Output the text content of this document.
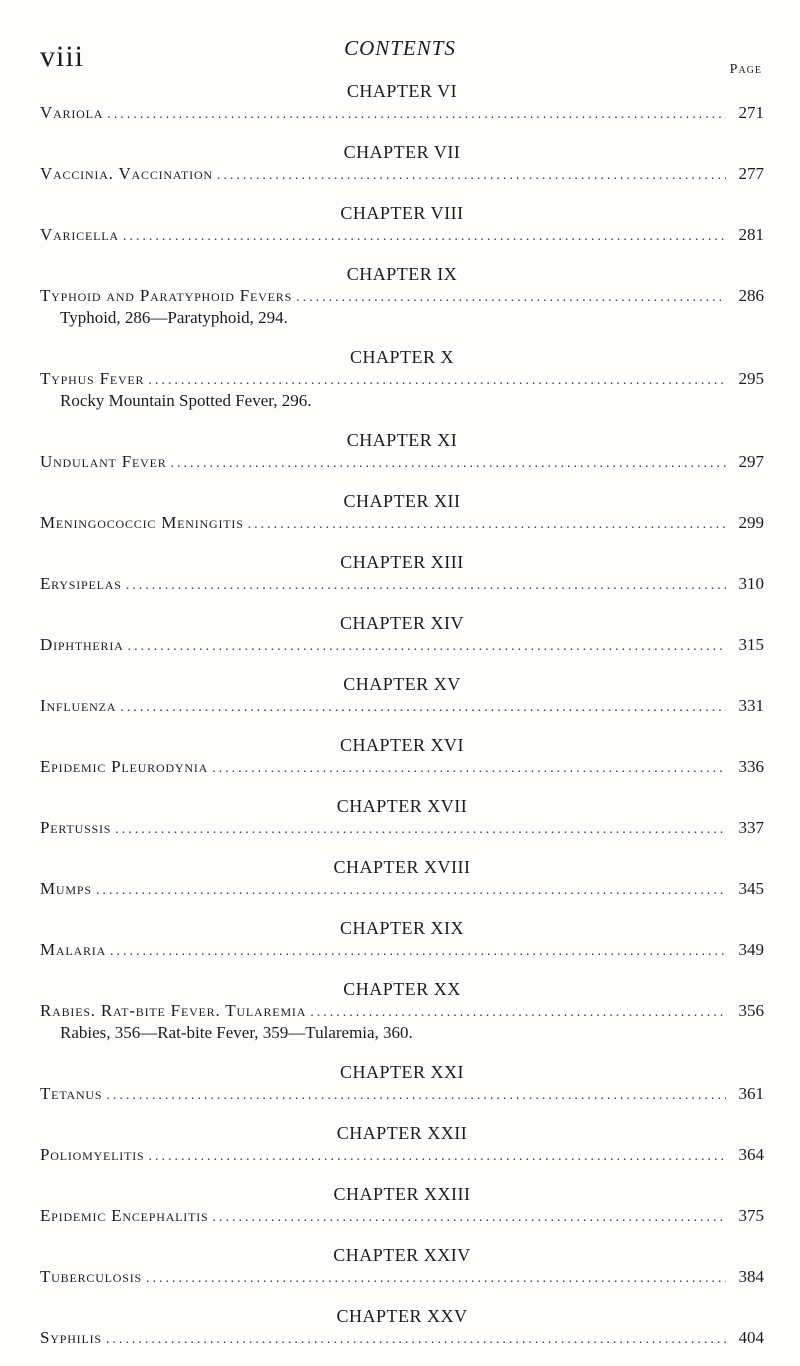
viii	CONTENTS
Page
CHAPTER VI
Variola .....	271
CHAPTER VII
Vaccinia. Vaccination .....	277
CHAPTER VIII
Varicella .....	281
CHAPTER IX
Typhoid and Paratyphoid Fevers .....	286
Typhoid, 286—Paratyphoid, 294.
CHAPTER X
Typhus Fever .....	295
Rocky Mountain Spotted Fever, 296.
CHAPTER XI
Undulant Fever .....	297
CHAPTER XII
Meningococcic Meningitis .....	299
CHAPTER XIII
Erysipelas .....	310
CHAPTER XIV
Diphtheria .....	315
CHAPTER XV
Influenza .....	331
CHAPTER XVI
Epidemic Pleurodynia .....	336
CHAPTER XVII
Pertussis .....	337
CHAPTER XVIII
Mumps .....	345
CHAPTER XIX
Malaria .....	349
CHAPTER XX
Rabies. Rat-bite Fever. Tularemia .....	356
Rabies, 356—Rat-bite Fever, 359—Tularemia, 360.
CHAPTER XXI
Tetanus .....	361
CHAPTER XXII
Poliomyelitis .....	364
CHAPTER XXIII
Epidemic Encephalitis .....	375
CHAPTER XXIV
Tuberculosis .....	384
CHAPTER XXV
Syphilis .....	404
